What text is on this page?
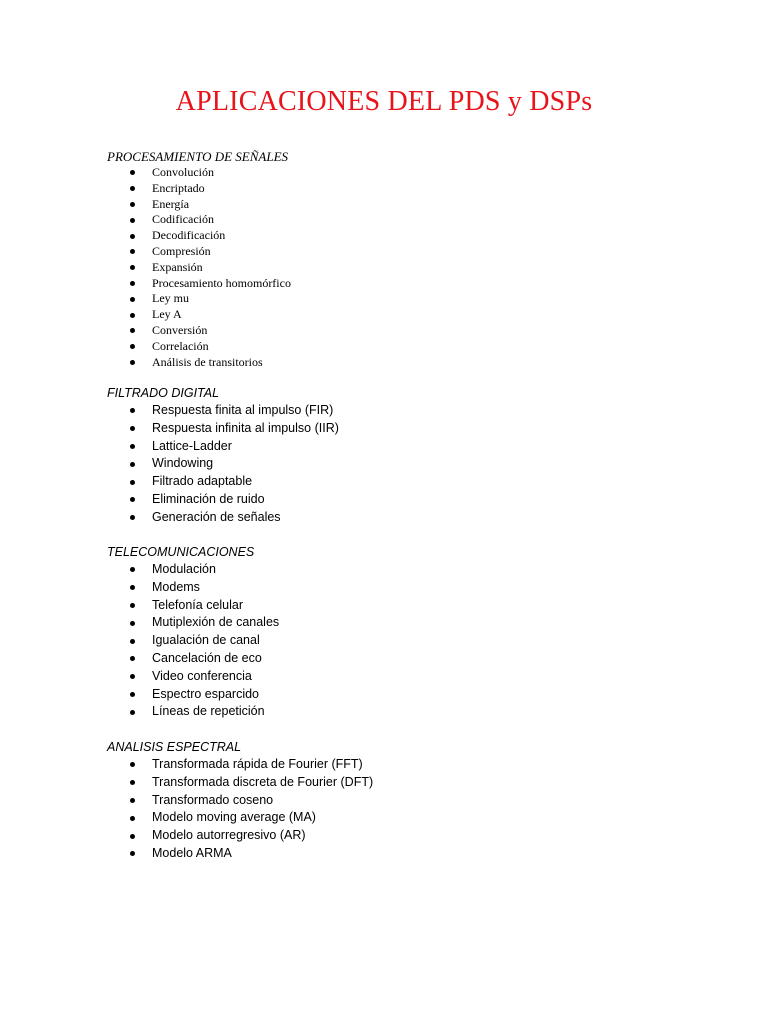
APLICACIONES DEL PDS y DSPs
PROCESAMIENTO DE SEÑALES
Convolución
Encriptado
Energía
Codificación
Decodificación
Compresión
Expansión
Procesamiento homomórfico
Ley mu
Ley A
Conversión
Correlación
Análisis de transitorios
FILTRADO DIGITAL
Respuesta finita al impulso (FIR)
Respuesta infinita al impulso (IIR)
Lattice-Ladder
Windowing
Filtrado adaptable
Eliminación de ruido
Generación de señales
TELECOMUNICACIONES
Modulación
Modems
Telefonía celular
Mutiplexión de canales
Igualación de canal
Cancelación de eco
Video conferencia
Espectro esparcido
Líneas de repetición
ANALISIS ESPECTRAL
Transformada rápida de Fourier (FFT)
Transformada discreta de Fourier (DFT)
Transformado coseno
Modelo moving average (MA)
Modelo autorregresivo (AR)
Modelo ARMA
